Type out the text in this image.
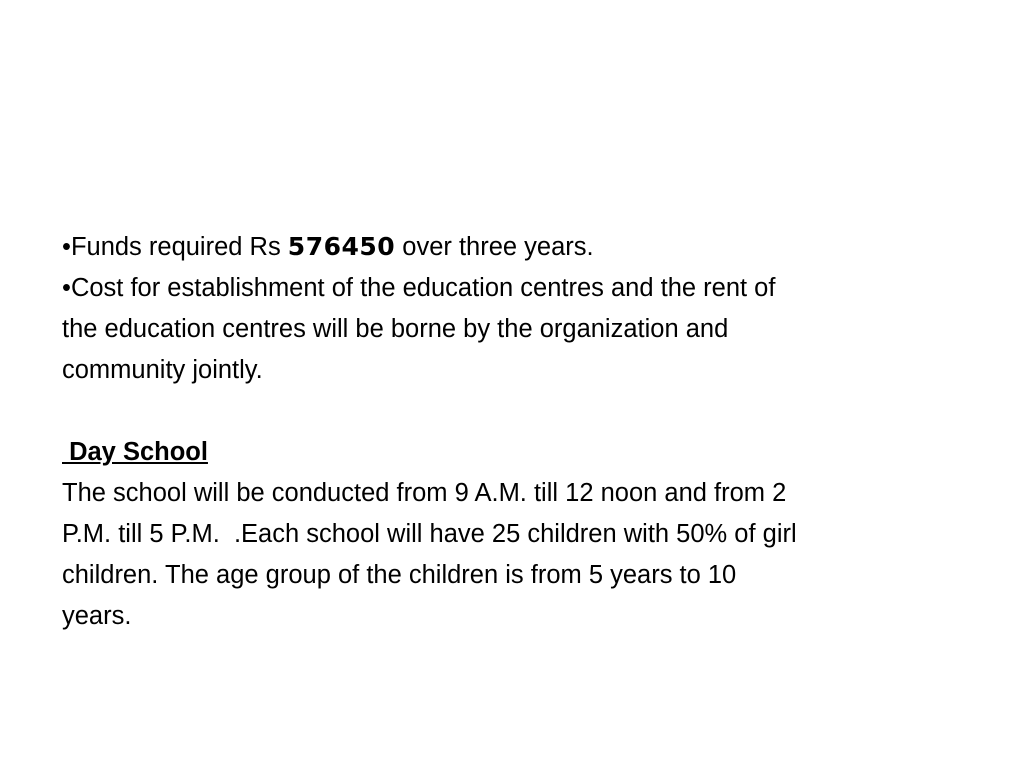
•Funds required Rs 576450 over three years.
•Cost for establishment of the education centres and the rent of
the education centres will be borne by the organization and
community jointly.
Day School
The school will be conducted from 9 A.M. till 12 noon and from 2
P.M. till 5 P.M.  .Each school will have 25 children with 50% of girl
children. The age group of the children is from 5 years to 10
years.
